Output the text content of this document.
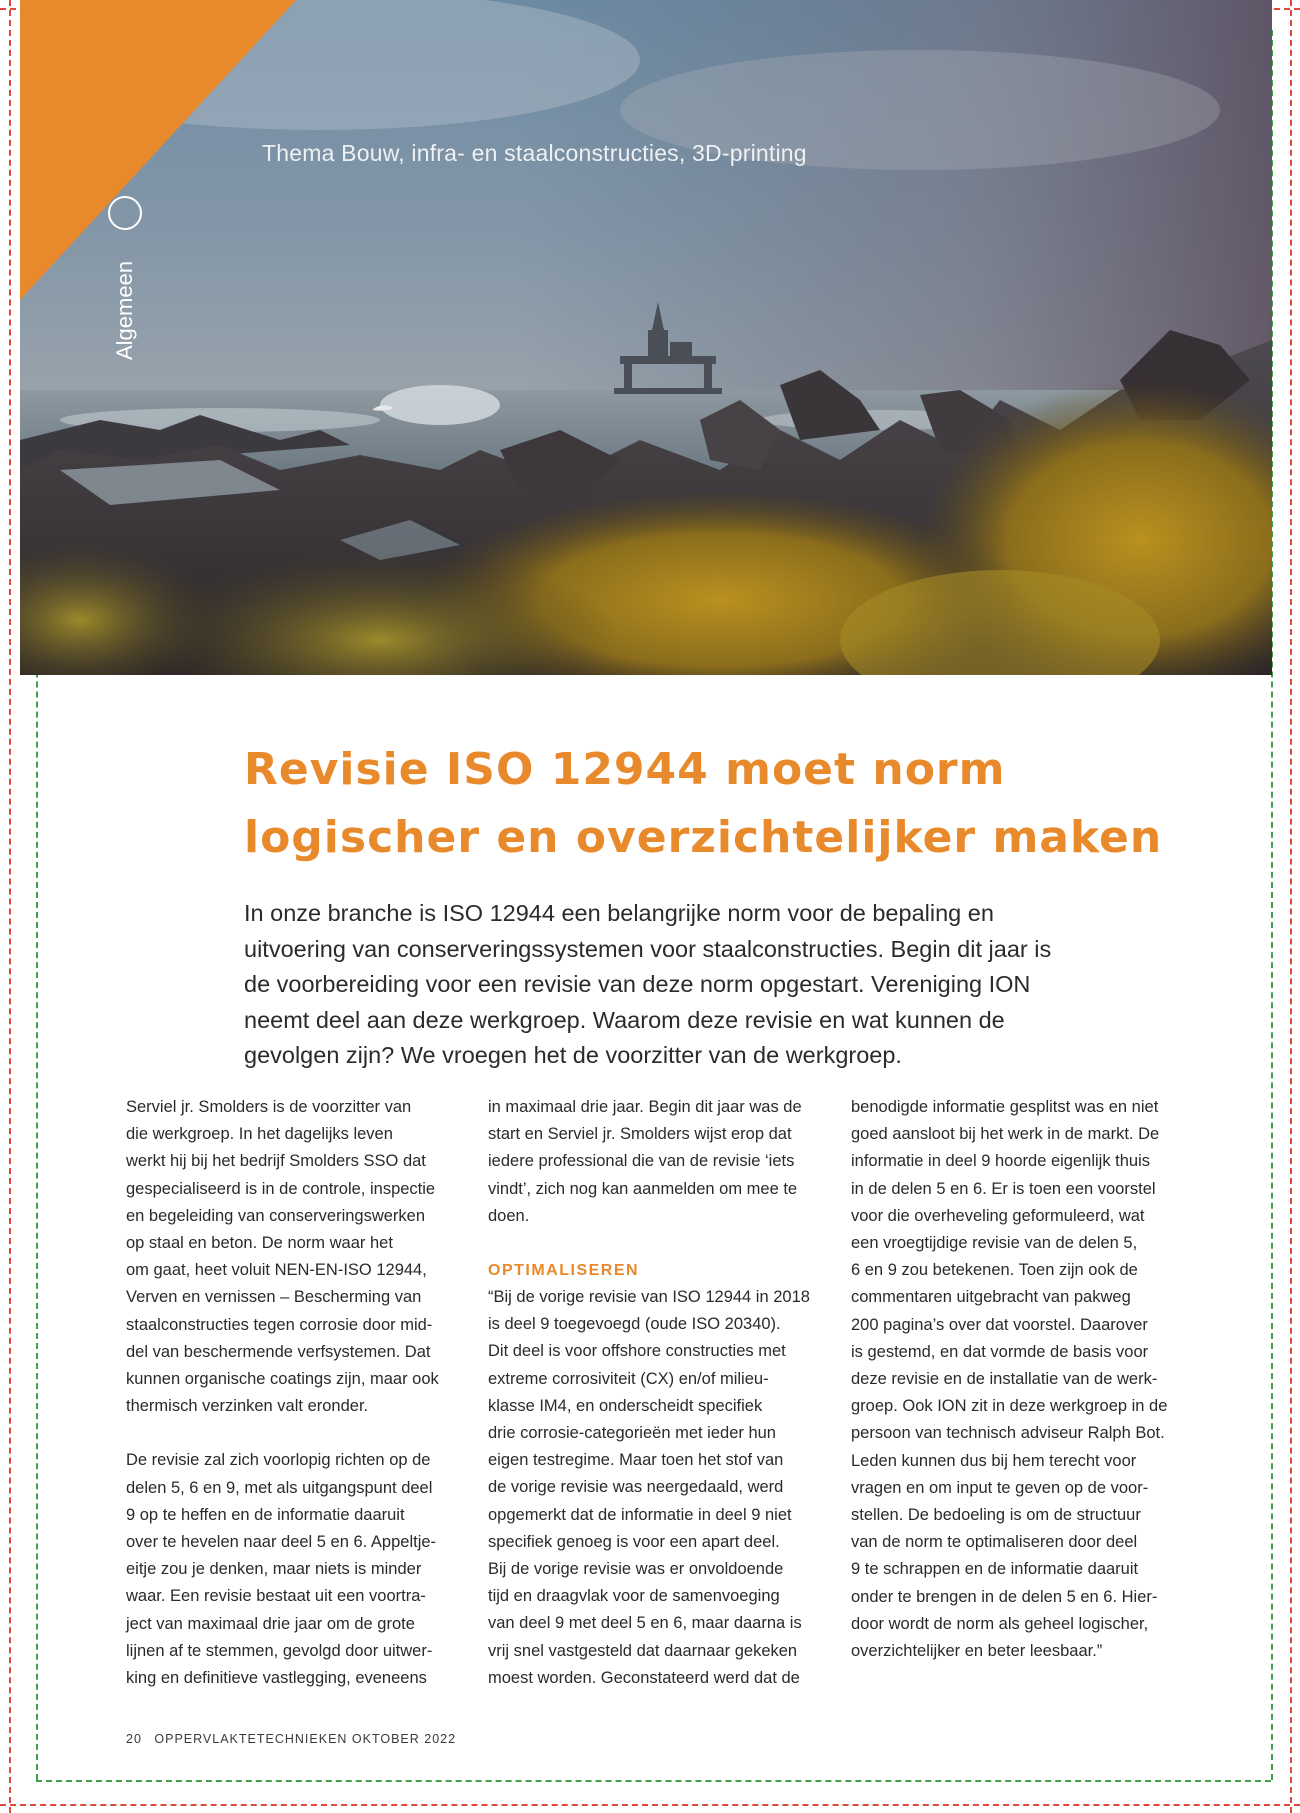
Thema Bouw, infra- en staalconstructies, 3D-printing
Algemeen
Revisie ISO 12944 moet norm
logischer en overzichtelijker maken
In onze branche is ISO 12944 een belangrijke norm voor de bepaling en
uitvoering van conserveringssystemen voor staalconstructies. Begin dit jaar is
de voorbereiding voor een revisie van deze norm opgestart. Vereniging ION
neemt deel aan deze werkgroep. Waarom deze revisie en wat kunnen de
gevolgen zijn? We vroegen het de voorzitter van de werkgroep.
Serviel jr. Smolders is de voorzitter van
die werkgroep. In het dagelijks leven
werkt hij bij het bedrijf Smolders SSO dat
gespecialiseerd is in de controle, inspectie
en begeleiding van conserveringswerken
op staal en beton. De norm waar het
om gaat, heet voluit NEN-EN-ISO 12944,
Verven en vernissen – Bescherming van
staalconstructies tegen corrosie door mid-
del van beschermende verfsystemen. Dat
kunnen organische coatings zijn, maar ook
thermisch verzinken valt eronder.
De revisie zal zich voorlopig richten op de
delen 5, 6 en 9, met als uitgangspunt deel
9 op te heffen en de informatie daaruit
over te hevelen naar deel 5 en 6. Appeltje-
eitje zou je denken, maar niets is minder
waar. Een revisie bestaat uit een voortra-
ject van maximaal drie jaar om de grote
lijnen af te stemmen, gevolgd door uitwer-
king en definitieve vastlegging, eveneens
in maximaal drie jaar. Begin dit jaar was de
start en Serviel jr. Smolders wijst erop dat
iedere professional die van de revisie ‘iets
vindt’, zich nog kan aanmelden om mee te
doen.
OPTIMALISEREN
“Bij de vorige revisie van ISO 12944 in 2018
is deel 9 toegevoegd (oude ISO 20340).
Dit deel is voor offshore constructies met
extreme corrosiviteit (CX) en/of milieu-
klasse IM4, en onderscheidt specifiek
drie corrosie-categorieën met ieder hun
eigen testregime. Maar toen het stof van
de vorige revisie was neergedaald, werd
opgemerkt dat de informatie in deel 9 niet
specifiek genoeg is voor een apart deel.
Bij de vorige revisie was er onvoldoende
tijd en draagvlak voor de samenvoeging
van deel 9 met deel 5 en 6, maar daarna is
vrij snel vastgesteld dat daarnaar gekeken
moest worden. Geconstateerd werd dat de
benodigde informatie gesplitst was en niet
goed aansloot bij het werk in de markt. De
informatie in deel 9 hoorde eigenlijk thuis
in de delen 5 en 6. Er is toen een voorstel
voor die overheveling geformuleerd, wat
een vroegtijdige revisie van de delen 5,
6 en 9 zou betekenen. Toen zijn ook de
commentaren uitgebracht van pakweg
200 pagina’s over dat voorstel. Daarover
is gestemd, en dat vormde de basis voor
deze revisie en de installatie van de werk-
groep. Ook ION zit in deze werkgroep in de
persoon van technisch adviseur Ralph Bot.
Leden kunnen dus bij hem terecht voor
vragen en om input te geven op de voor-
stellen. De bedoeling is om de structuur
van de norm te optimaliseren door deel
9 te schrappen en de informatie daaruit
onder te brengen in de delen 5 en 6. Hier-
door wordt de norm als geheel logischer,
overzichtelijker en beter leesbaar.”
20 OPPERVLAKTETECHNIEKEN OKTOBER 2022
